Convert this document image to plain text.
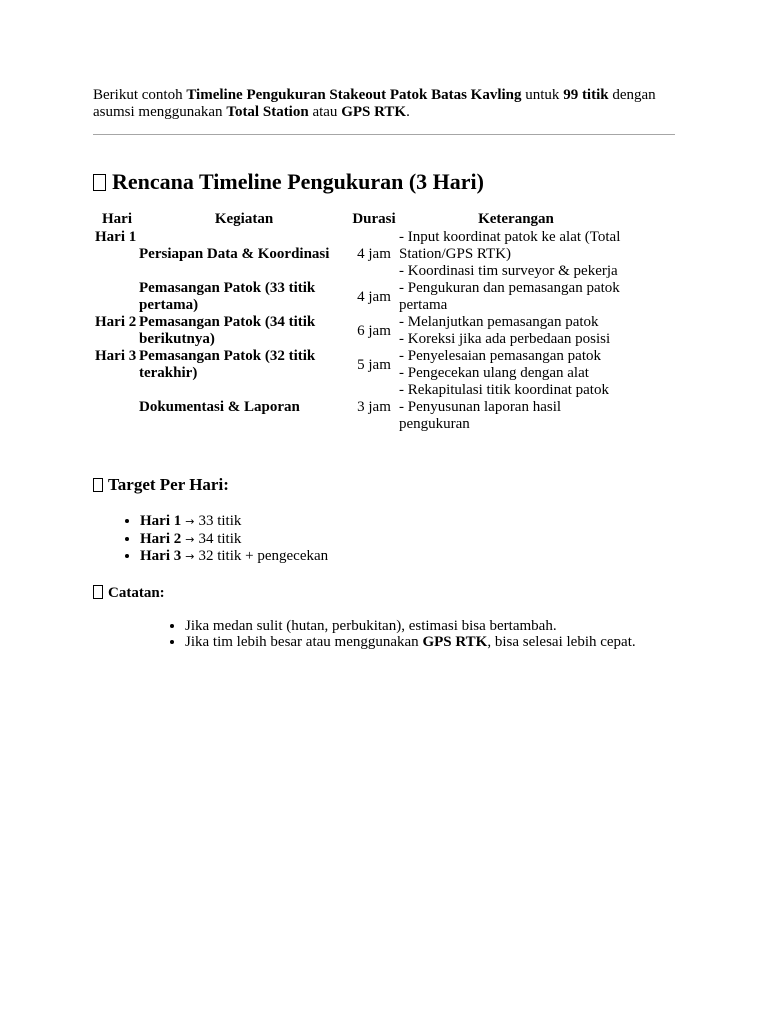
Berikut contoh Timeline Pengukuran Stakeout Patok Batas Kavling untuk 99 titik dengan asumsi menggunakan Total Station atau GPS RTK.

Rencana Timeline Pengukuran (3 Hari)
Hari	Kegiatan	Durasi	Keterangan
Hari 1	Persiapan Data & Koordinasi	4 jam	- Input koordinat patok ke alat (Total Station/GPS RTK)
- Koordinasi tim surveyor & pekerja

	Pemasangan Patok (33 titik pertama)	4 jam	- Pengukuran dan pemasangan patok pertama

Hari 2	Pemasangan Patok (34 titik berikutnya)	6 jam	- Melanjutkan pemasangan patok
- Koreksi jika ada perbedaan posisi

Hari 3	Pemasangan Patok (32 titik terakhir)	5 jam	- Penyelesaian pemasangan patok
- Pengecekan ulang dengan alat

	Dokumentasi & Laporan	3 jam	- Rekapitulasi titik koordinat patok
- Penyusunan laporan hasil pengukuran
Target Per Hari:
• Hari 1 → 33 titik
• Hari 2 → 34 titik
• Hari 3 → 32 titik + pengecekan

Catatan:

• Jika medan sulit (hutan, perbukitan), estimasi bisa bertambah.
• Jika tim lebih besar atau menggunakan GPS RTK, bisa selesai lebih cepat.
